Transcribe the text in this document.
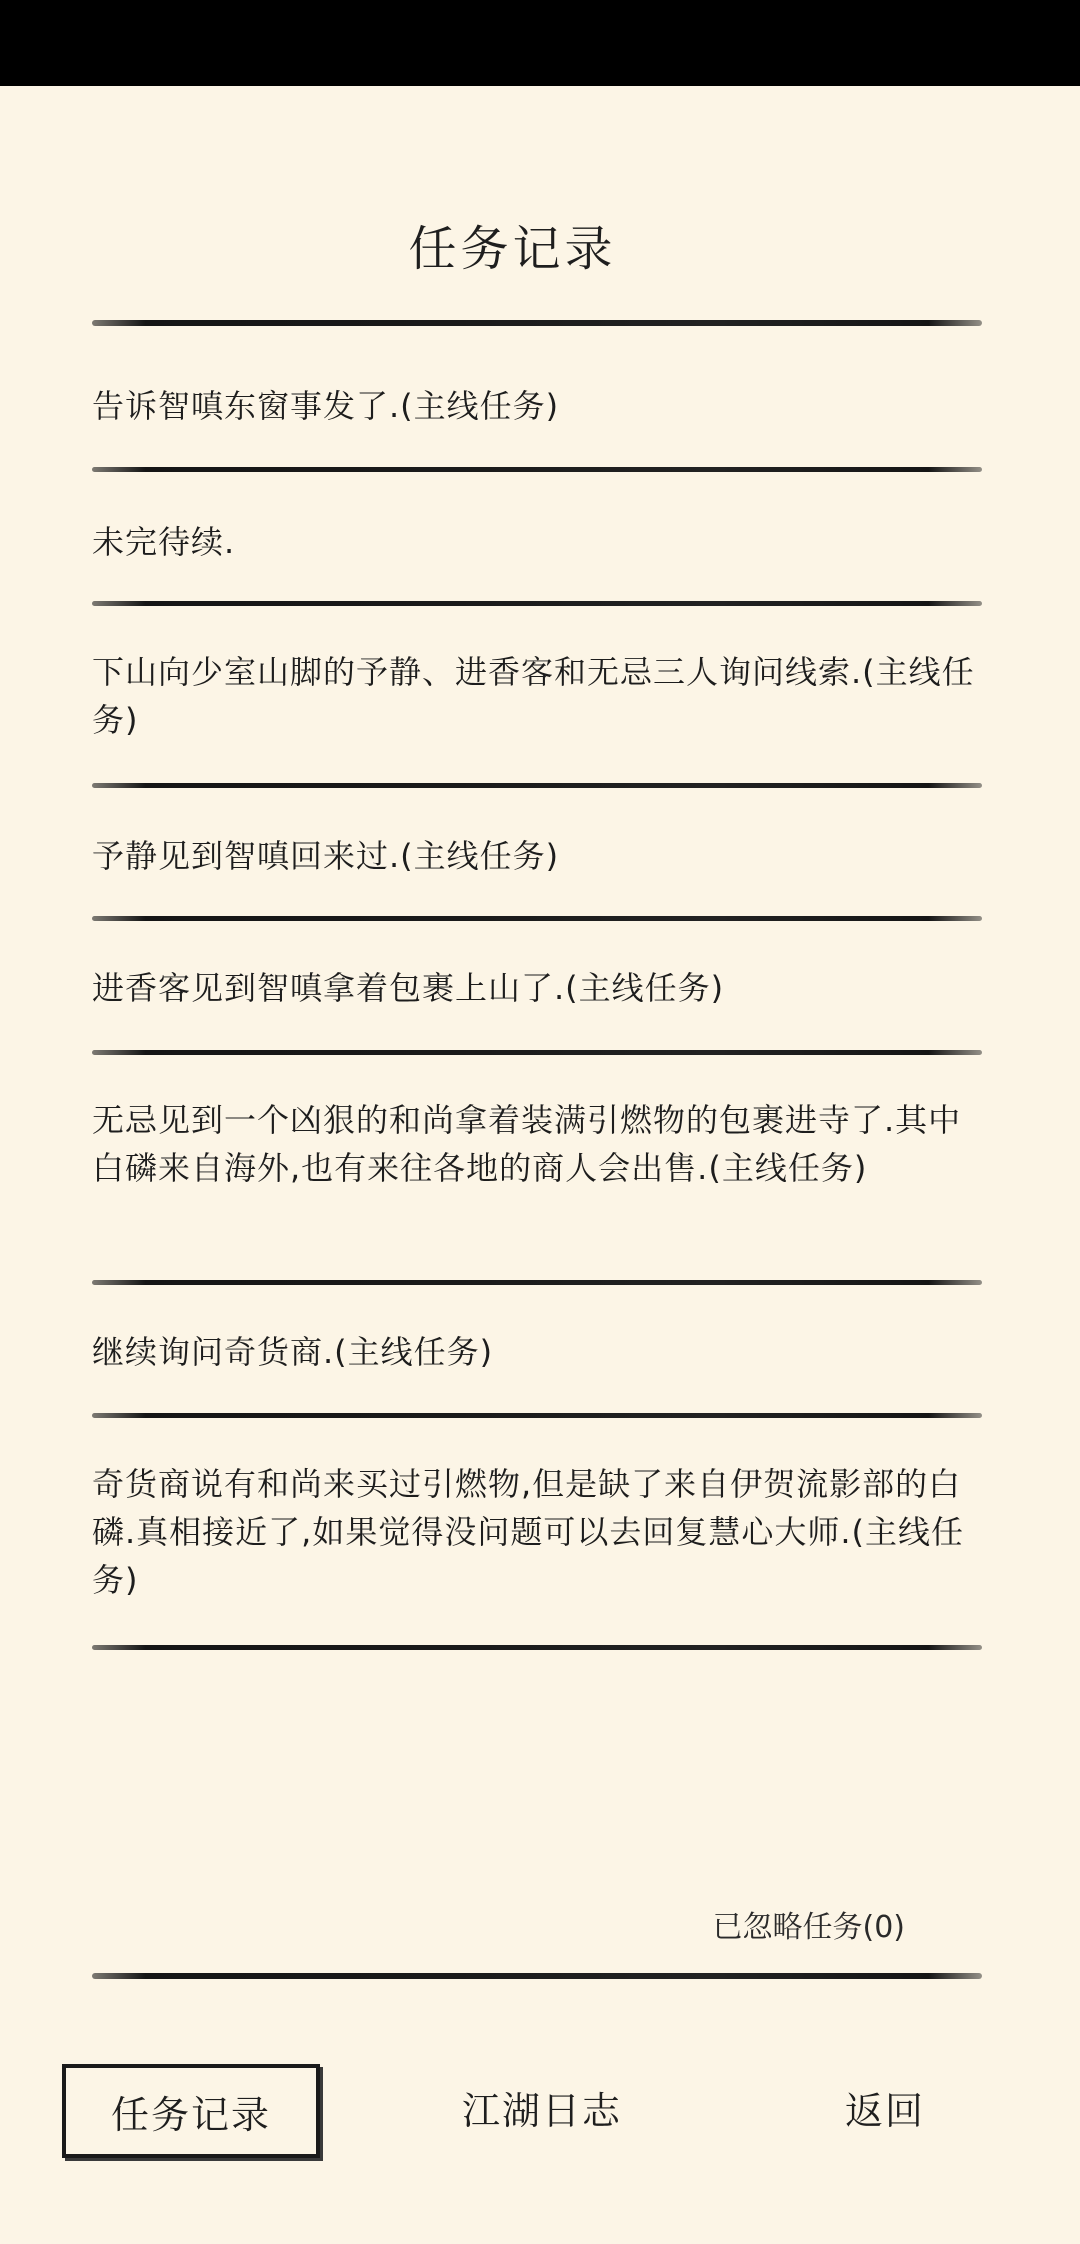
任务记录
告诉智嗔东窗事发了.(主线任务)
未完待续.
下山向少室山脚的予静、进香客和无忌三人询问线索.(主线任务)
予静见到智嗔回来过.(主线任务)
进香客见到智嗔拿着包裹上山了.(主线任务)
无忌见到一个凶狠的和尚拿着装满引燃物的包裹进寺了.其中白磷来自海外,也有来往各地的商人会出售.(主线任务)
继续询问奇货商.(主线任务)
奇货商说有和尚来买过引燃物,但是缺了来自伊贺流影部的白磷.真相接近了,如果觉得没问题可以去回复慧心大师.(主线任务)
已忽略任务(0)
任务记录	江湖日志	返回
